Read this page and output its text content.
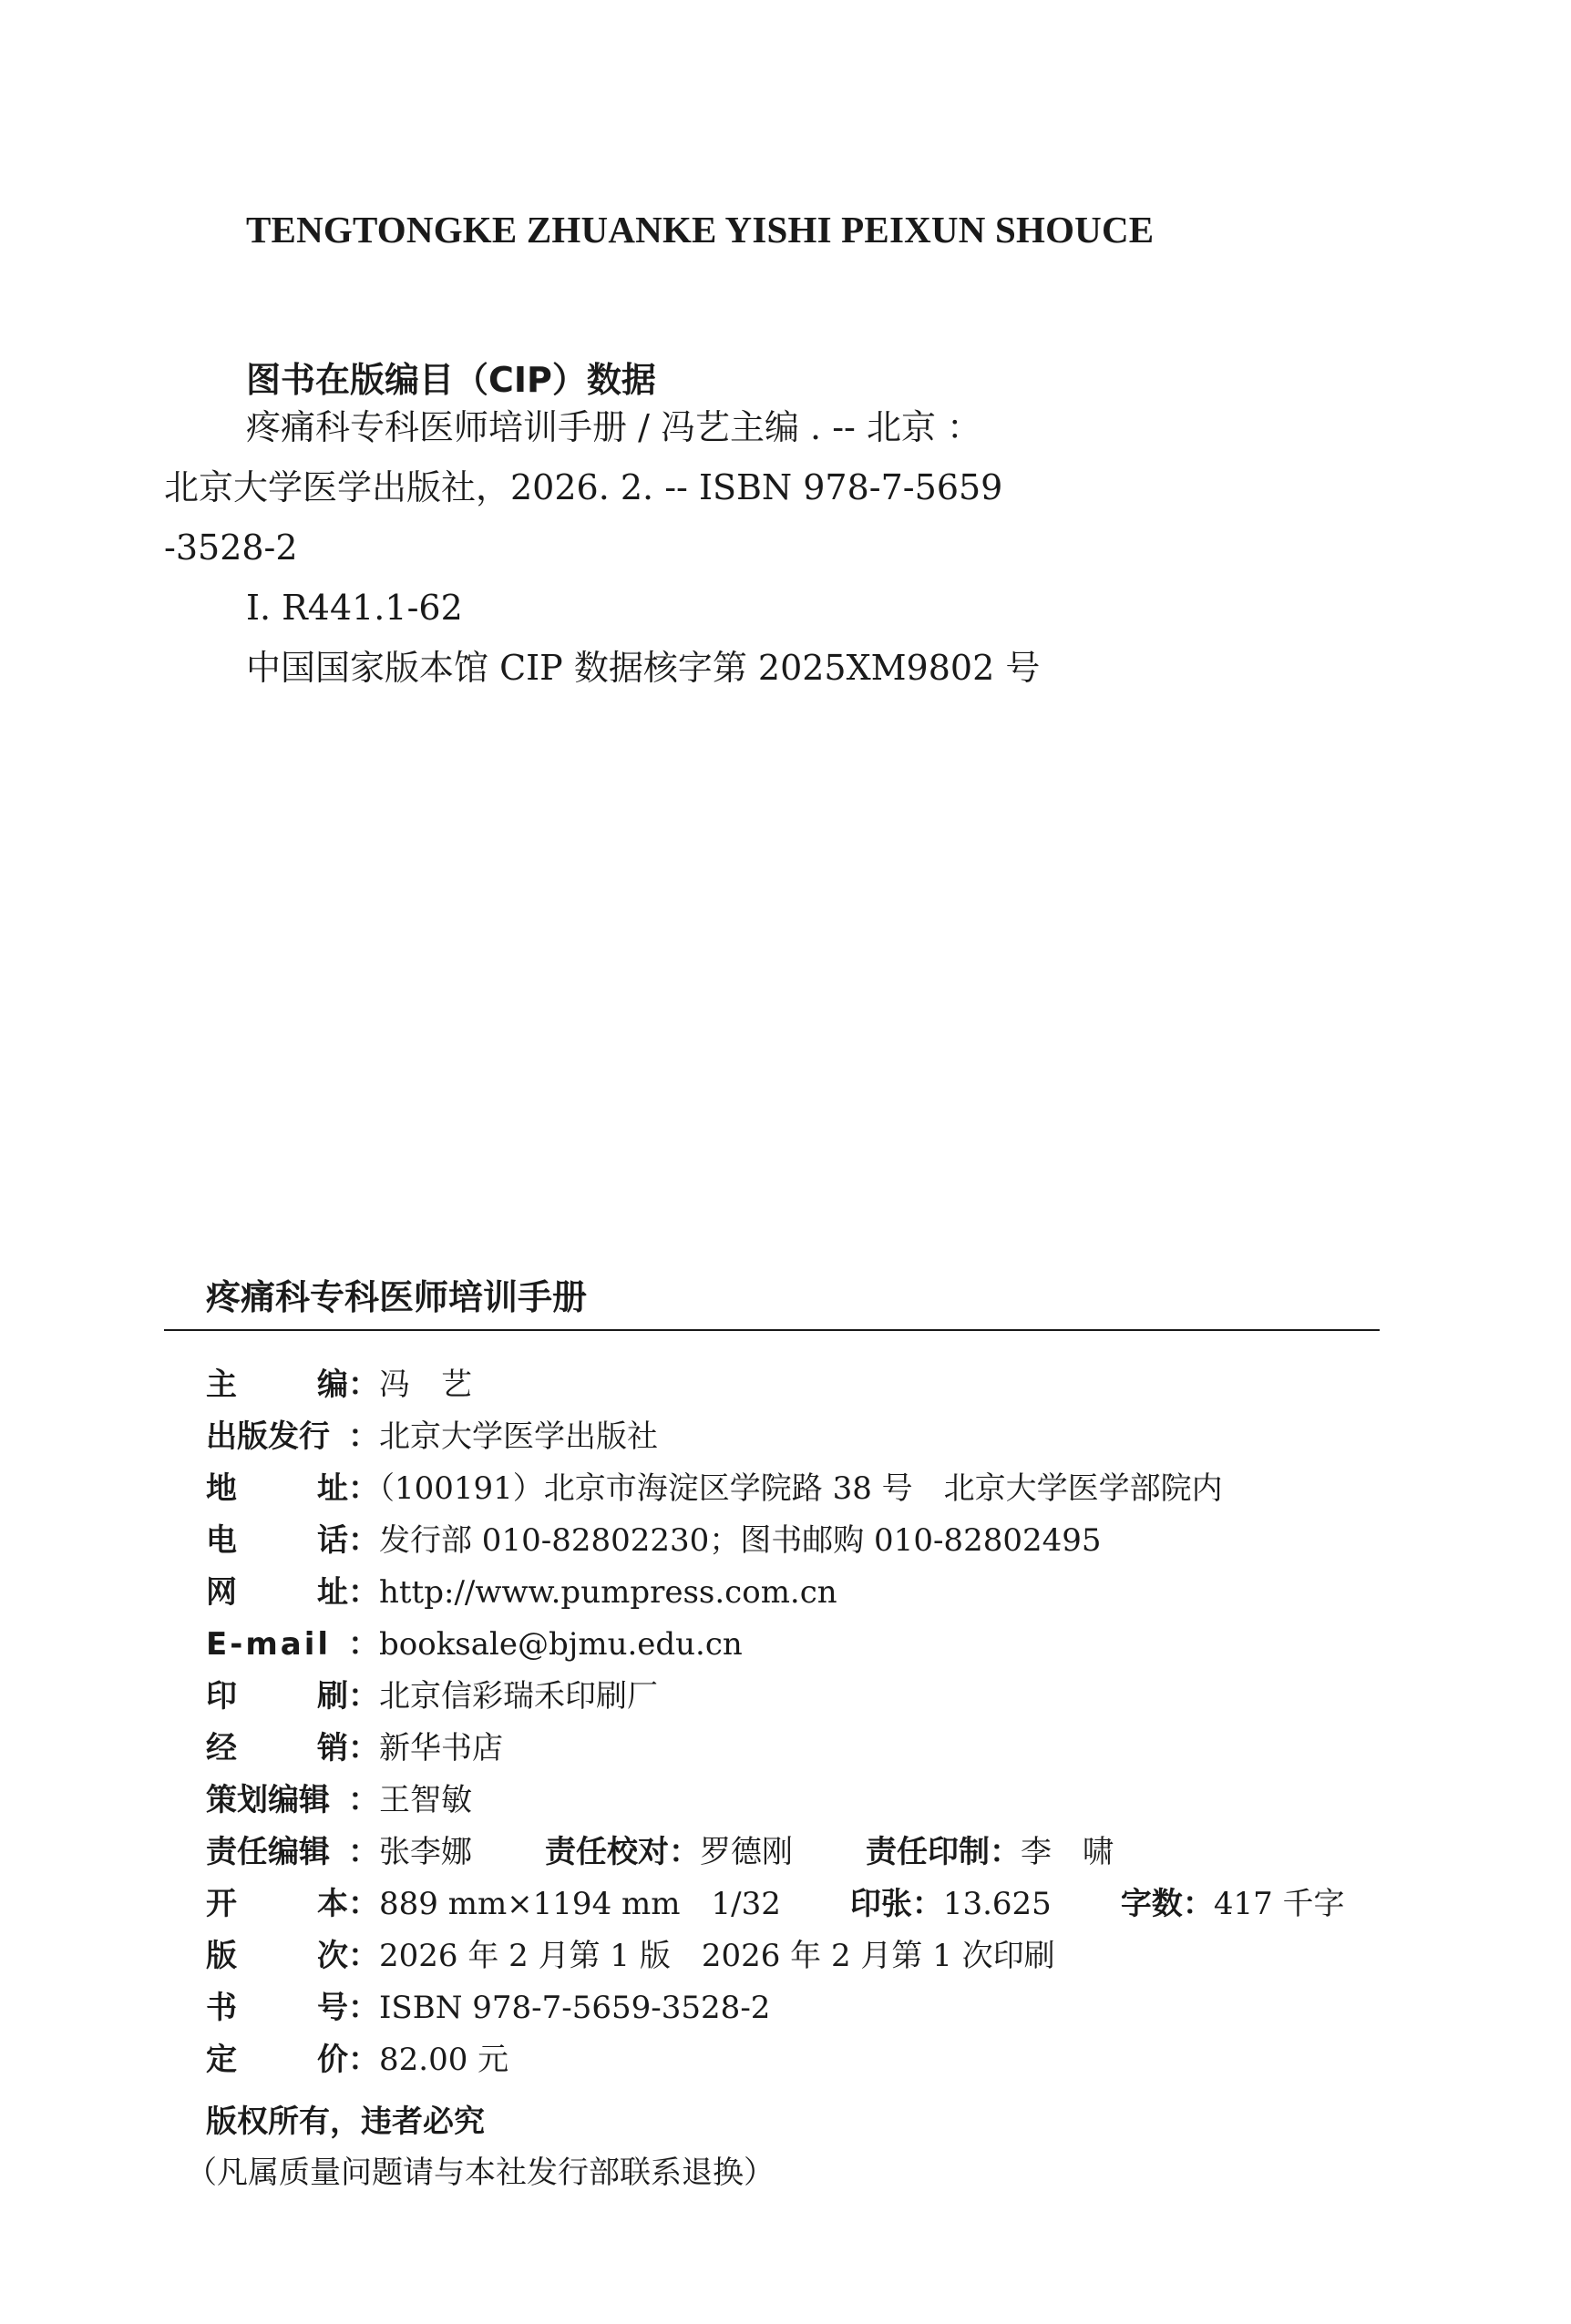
TENGTONGKE ZHUANKE YISHI PEIXUN SHOUCE
图书在版编目（CIP）数据
疼痛科专科医师培训手册 / 冯艺主编 . -- 北京 ：
北京大学医学出版社，2026. 2. -- ISBN 978-7-5659
-3528-2
Ⅰ. R441.1-62
中国国家版本馆 CIP 数据核字第 2025XM9802 号
疼痛科专科医师培训手册
主	编 ：冯　艺
出版发行 ：北京大学医学出版社
地	址 ：（100191）北京市海淀区学院路 38 号　北京大学医学部院内
电	话 ：发行部 010-82802230；图书邮购 010-82802495
网	址 ：http://www.pumpress.com.cn
E-mail ：booksale@bjmu.edu.cn
印	刷 ：北京信彩瑞禾印刷厂
经	销 ：新华书店
策划编辑 ：王智敏
责任编辑 ：张李娜 责任校对：罗德刚 责任印制：李　啸
开	本 ：889 mm×1194 mm　1/32 印张：13.625 字数：417 千字
版	次 ：2026 年 2 月第 1 版　2026 年 2 月第 1 次印刷
书	号 ：ISBN 978-7-5659-3528-2
定	价 ：82.00 元
版权所有，违者必究
（凡属质量问题请与本社发行部联系退换）
